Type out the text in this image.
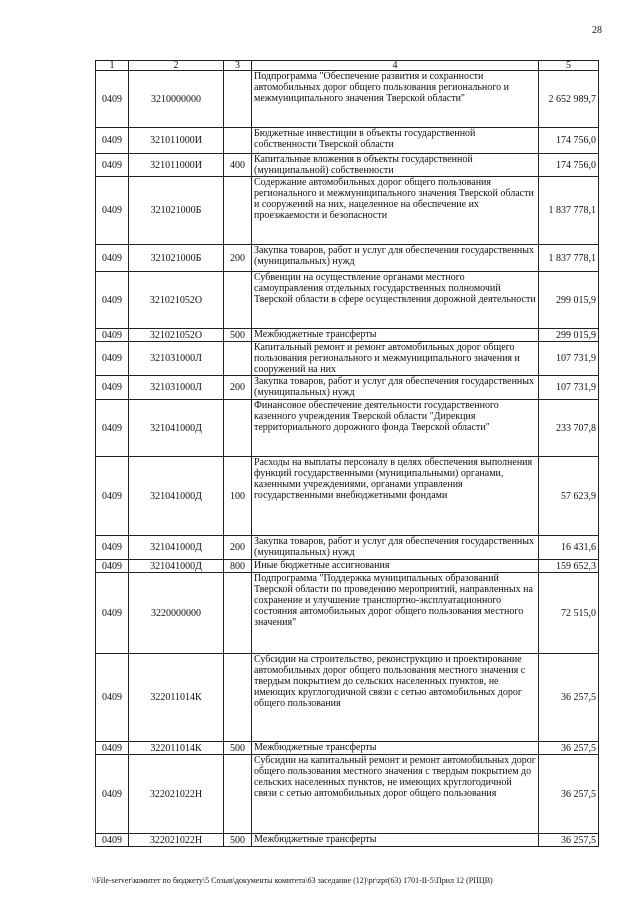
28
1	2	3	4	5
0409	3210000000		Подпрограмма "Обеспечение развития и сохранности автомобильных дорог общего пользования регионального и межмуниципального значения Тверской области"	2 652 989,7
0409	321011000И		Бюджетные инвестиции в объекты государственной собственности Тверской области	174 756,0
0409	321011000И	400	Капитальные вложения в объекты государственной (муниципальной) собственности	174 756,0
0409	321021000Б		Содержание автомобильных дорог общего пользования регионального и межмуниципального значения Тверской области и сооружений на них, нацеленное на обеспечение их проезжаемости и безопасности	1 837 778,1
0409	321021000Б	200	Закупка товаров, работ и услуг для обеспечения государственных (муниципальных) нужд	1 837 778,1
0409	321021052О		Субвенции на осуществление органами местного самоуправления отдельных государственных полномочий Тверской области в сфере осуществления дорожной деятельности	299 015,9
0409	321021052О	500	Межбюджетные трансферты	299 015,9
0409	321031000Л		Капитальный ремонт и ремонт автомобильных дорог общего пользования регионального и межмуниципального значения и сооружений на них	107 731,9
0409	321031000Л	200	Закупка товаров, работ и услуг для обеспечения государственных (муниципальных) нужд	107 731,9
0409	321041000Д		Финансовое обеспечение деятельности государственного казенного учреждения Тверской области "Дирекция территориального дорожного фонда Тверской области"	233 707,8
0409	321041000Д	100	Расходы на выплаты персоналу в целях обеспечения выполнения функций государственными (муниципальными) органами, казенными учреждениями, органами управления государственными внебюджетными фондами	57 623,9
0409	321041000Д	200	Закупка товаров, работ и услуг для обеспечения государственных (муниципальных) нужд	16 431,6
0409	321041000Д	800	Иные бюджетные ассигнования	159 652,3
0409	3220000000		Подпрограмма "Поддержка муниципальных образований Тверской области по проведению мероприятий, направленных на сохранение и улучшение транспортно-эксплуатационного состояния автомобильных дорог общего пользования местного значения"	72 515,0
0409	322011014К		Субсидии на строительство, реконструкцию и проектирование автомобильных дорог общего пользования местного значения с твердым покрытием до сельских населенных пунктов, не имеющих круглогодичной связи с сетью автомобильных дорог общего пользования	36 257,5
0409	322011014К	500	Межбюджетные трансферты	36 257,5
0409	322021022Н		Субсидии на капитальный ремонт и ремонт автомобильных дорог общего пользования местного значения с твердым покрытием до сельских населенных пунктов, не имеющих круглогодичной связи с сетью автомобильных дорог общего пользования	36 257,5
0409	322021022Н	500	Межбюджетные трансферты	36 257,5
\\File-server\комитет по бюджету\5 Созыв\документы комитета\63 заседание (12)\pr\zpr(63) 1701-II-5\Прил 12 (РПЦВ)
